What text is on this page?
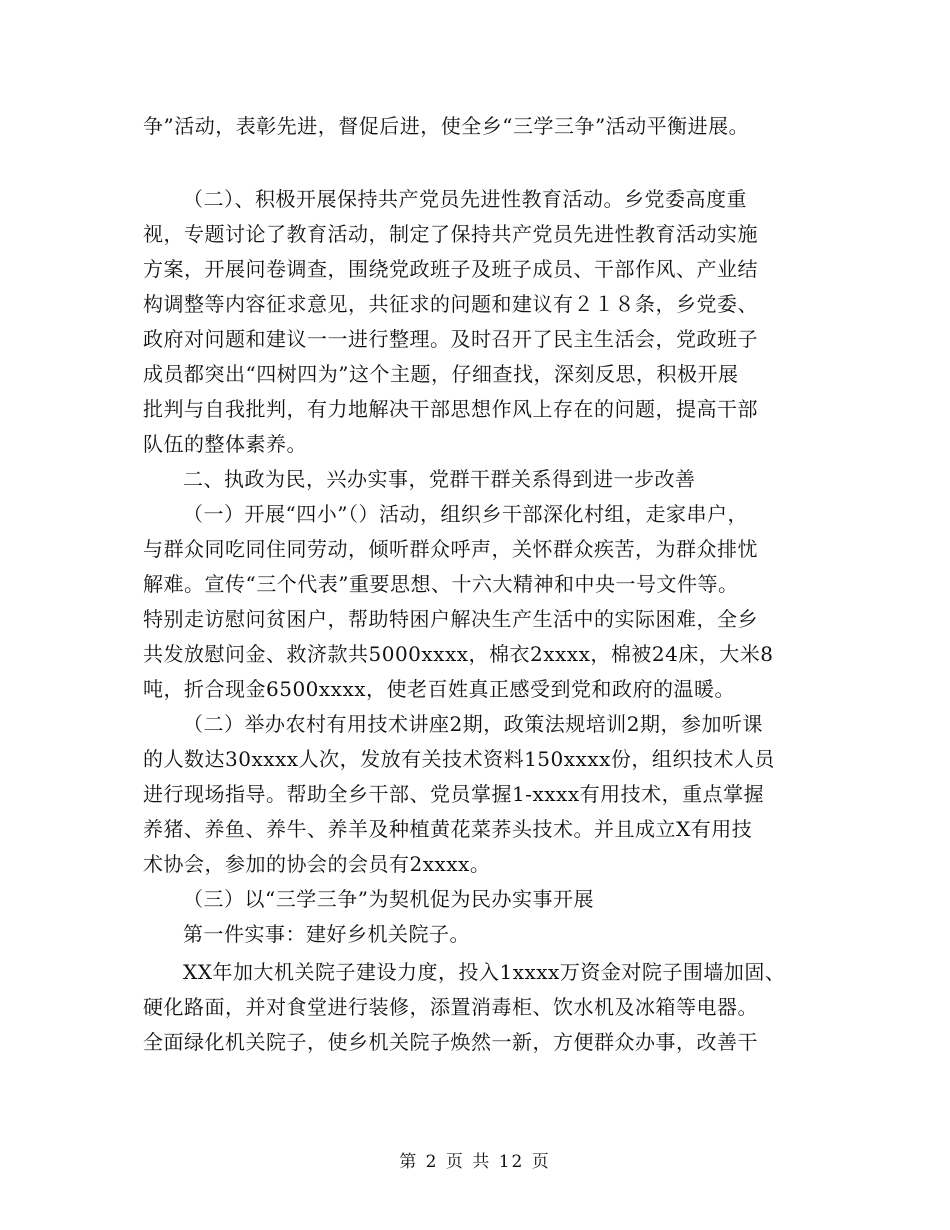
争”活动，表彰先进，督促后进，使全乡“三学三争”活动平衡进展。
（二）、积极开展保持共产党员先进性教育活动。乡党委高度重
视，专题讨论了教育活动，制定了保持共产党员先进性教育活动实施
方案，开展问卷调查，围绕党政班子及班子成员、干部作风、产业结
构调整等内容征求意见，共征求的问题和建议有２１８条，乡党委、
政府对问题和建议一一进行整理。及时召开了民主生活会，党政班子
成员都突出“四树四为”这个主题，仔细查找，深刻反思，积极开展
批判与自我批判，有力地解决干部思想作风上存在的问题，提高干部
队伍的整体素养。
二、执政为民，兴办实事，党群干群关系得到进一步改善
（一）开展“四小”（）活动，组织乡干部深化村组，走家串户，
与群众同吃同住同劳动，倾听群众呼声，关怀群众疾苦，为群众排忧
解难。宣传“三个代表”重要思想、十六大精神和中央一号文件等。
特别走访慰问贫困户，帮助特困户解决生产生活中的实际困难，全乡
共发放慰问金、救济款共5000xxxx，棉衣2xxxx，棉被24床，大米8
吨，折合现金6500xxxx，使老百姓真正感受到党和政府的温暖。
（二）举办农村有用技术讲座2期，政策法规培训2期，参加听课
的人数达30xxxx人次，发放有关技术资料150xxxx份，组织技术人员
进行现场指导。帮助全乡干部、党员掌握1-xxxx有用技术，重点掌握
养猪、养鱼、养牛、养羊及种植黄花菜荞头技术。并且成立X有用技
术协会，参加的协会的会员有2xxxx。
（三）以“三学三争”为契机促为民办实事开展
第一件实事：建好乡机关院子。
XX年加大机关院子建设力度，投入1xxxx万资金对院子围墙加固、
硬化路面，并对食堂进行装修，添置消毒柜、饮水机及冰箱等电器。
全面绿化机关院子，使乡机关院子焕然一新，方便群众办事，改善干
第 2 页 共 12 页
